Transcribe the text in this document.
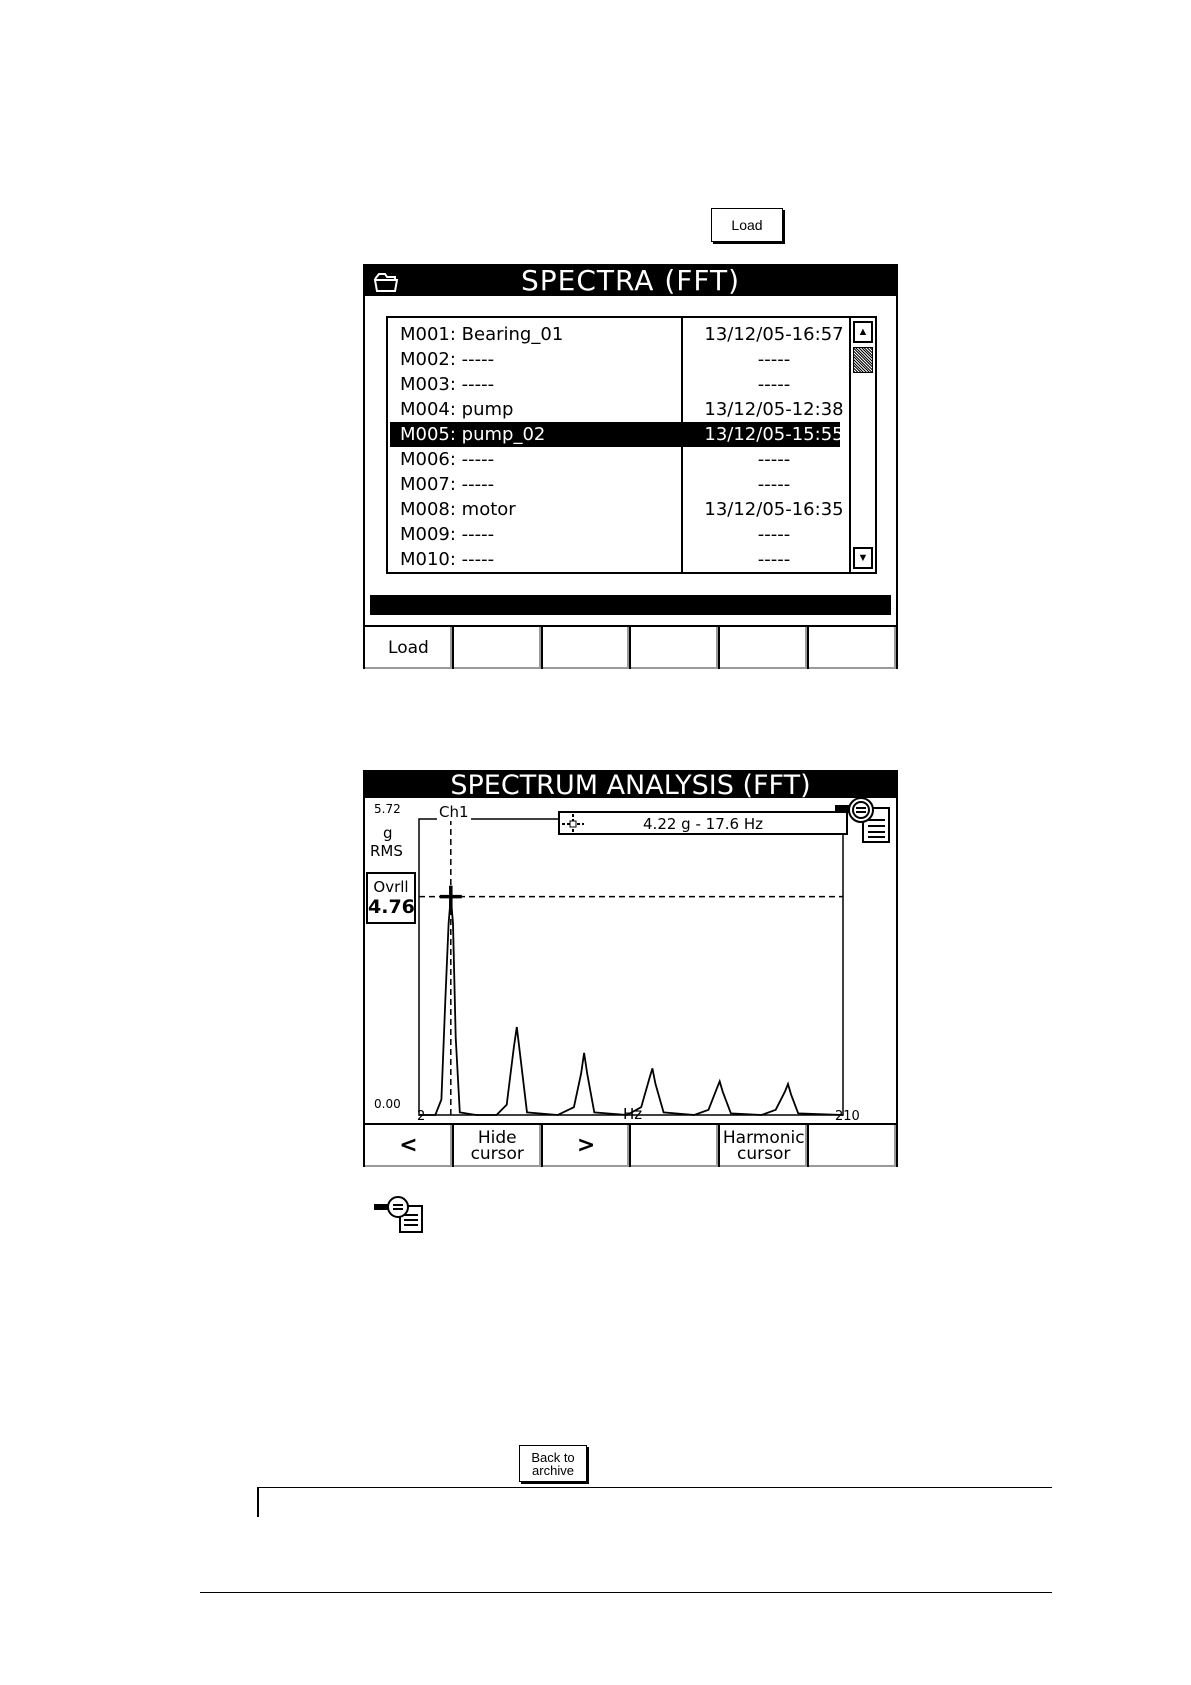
Load
SPECTRA (FFT)
M001: Bearing_01	13/12/05-16:57
M002: -----	-----
M003: -----	-----
M004: pump	13/12/05-12:38
M005: pump_02	13/12/05-15:55
M006: -----	-----
M007: -----	-----
M008: motor	13/12/05-16:35
M009: -----	-----
M010: -----	-----
▲
▼
Load
SPECTRUM ANALYSIS (FFT)
5.72
g
RMS
Ovrll
4.76
0.00
Ch1
4.22 g - 17.6 Hz
2	Hz	210
<	Hide
cursor	>	Harmonic
cursor
Back to
archive
